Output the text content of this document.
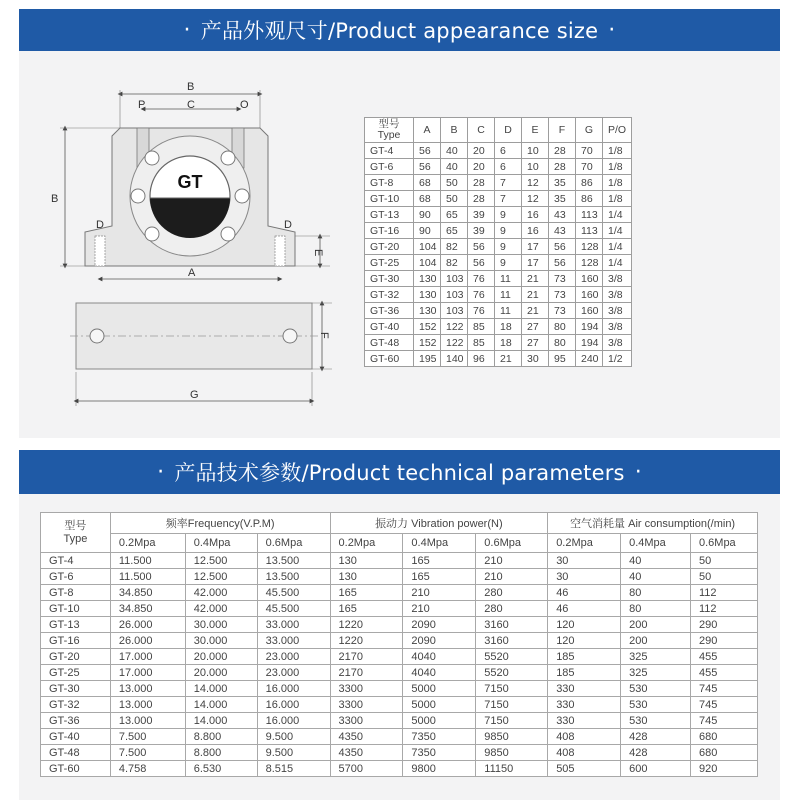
· 产品外观尺寸/Product appearance size ·
B
P	C	O
GT
D	D
B
E
A
F
G
型号
Type	A	B	C	D	E	F	G	P/O
GT-4	56	40	20	6	10	28	70	1/8
GT-6	56	40	20	6	10	28	70	1/8
GT-8	68	50	28	7	12	35	86	1/8
GT-10	68	50	28	7	12	35	86	1/8
GT-13	90	65	39	9	16	43	113	1/4
GT-16	90	65	39	9	16	43	113	1/4
GT-20	104	82	56	9	17	56	128	1/4
GT-25	104	82	56	9	17	56	128	1/4
GT-30	130	103	76	11	21	73	160	3/8
GT-32	130	103	76	11	21	73	160	3/8
GT-36	130	103	76	11	21	73	160	3/8
GT-40	152	122	85	18	27	80	194	3/8
GT-48	152	122	85	18	27	80	194	3/8
GT-60	195	140	96	21	30	95	240	1/2
· 产品技术参数/Product technical parameters ·
型号
Type	频率Frequency(V.P.M)			振动力 Vibration power(N)			空气消耗量 Air consumption(/min)		
	0.2Mpa	0.4Mpa	0.6Mpa	0.2Mpa	0.4Mpa	0.6Mpa	0.2Mpa	0.4Mpa	0.6Mpa
GT-4	11.500	12.500	13.500	130	165	210	30	40	50
GT-6	11.500	12.500	13.500	130	165	210	30	40	50
GT-8	34.850	42.000	45.500	165	210	280	46	80	112
GT-10	34.850	42.000	45.500	165	210	280	46	80	112
GT-13	26.000	30.000	33.000	1220	2090	3160	120	200	290
GT-16	26.000	30.000	33.000	1220	2090	3160	120	200	290
GT-20	17.000	20.000	23.000	2170	4040	5520	185	325	455
GT-25	17.000	20.000	23.000	2170	4040	5520	185	325	455
GT-30	13.000	14.000	16.000	3300	5000	7150	330	530	745
GT-32	13.000	14.000	16.000	3300	5000	7150	330	530	745
GT-36	13.000	14.000	16.000	3300	5000	7150	330	530	745
GT-40	7.500	8.800	9.500	4350	7350	9850	408	428	680
GT-48	7.500	8.800	9.500	4350	7350	9850	408	428	680
GT-60	4.758	6.530	8.515	5700	9800	11150	505	600	920
